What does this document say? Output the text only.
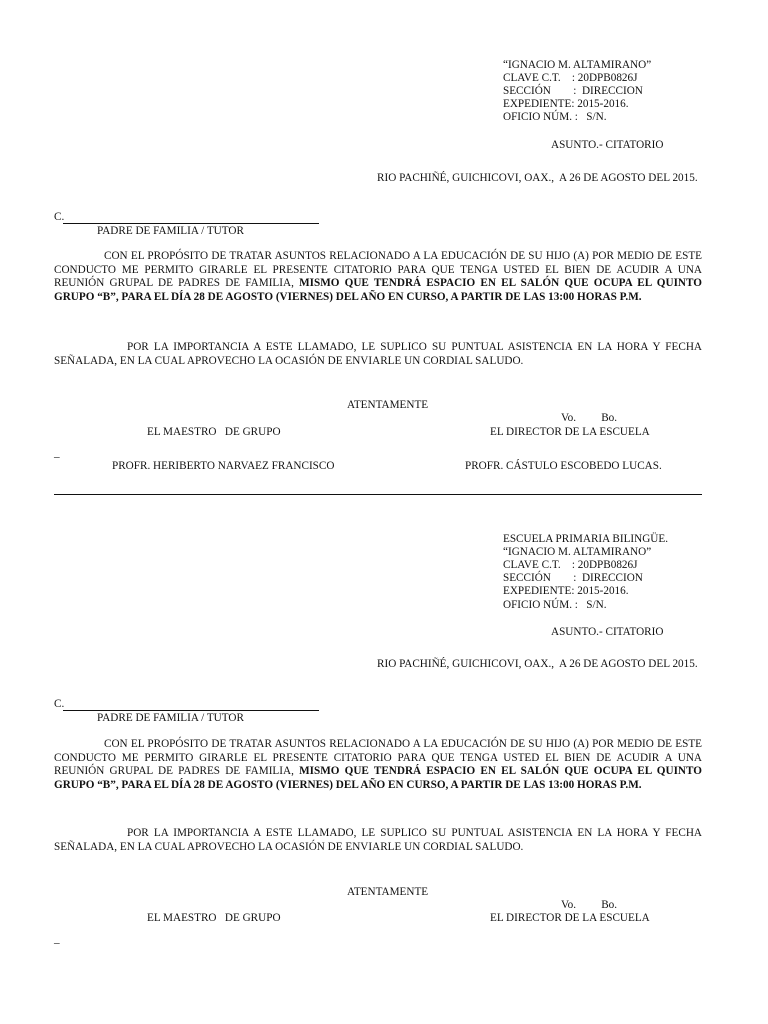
“IGNACIO M. ALTAMIRANO”
CLAVE C.T.    : 20DPB0826J
SECCIÓN        :  DIRECCION
EXPEDIENTE: 2015-2016.
OFICIO NÚM. :   S/N.
ASUNTO.- CITATORIO
RIO PACHIÑÉ, GUICHICOVI, OAX.,  A 26 DE AGOSTO DEL 2015.
C.
PADRE DE FAMILIA / TUTOR
CON EL PROPÓSITO DE TRATAR ASUNTOS RELACIONADO A LA EDUCACIÓN DE SU HIJO (A) POR MEDIO DE ESTE CONDUCTO ME PERMITO GIRARLE EL PRESENTE CITATORIO PARA QUE TENGA USTED EL BIEN DE ACUDIR A UNA REUNIÓN GRUPAL DE PADRES DE FAMILIA, MISMO QUE TENDRÁ ESPACIO EN EL SALÓN QUE OCUPA EL QUINTO GRUPO “B”, PARA EL DÍA 28 DE AGOSTO (VIERNES) DEL AÑO EN CURSO, A PARTIR DE LAS 13:00 HORAS P.M.
POR LA IMPORTANCIA A ESTE LLAMADO, LE SUPLICO SU PUNTUAL ASISTENCIA EN LA HORA Y FECHA SEÑALADA, EN LA CUAL APROVECHO LA OCASIÓN DE ENVIARLE UN CORDIAL SALUDO.
ATENTAMENTE
Vo.         Bo.
EL MAESTRO   DE GRUPO	EL DIRECTOR DE LA ESCUELA
_
PROFR. HERIBERTO NARVAEZ FRANCISCO	PROFR. CÁSTULO ESCOBEDO LUCAS.
ESCUELA PRIMARIA BILINGÜE.
“IGNACIO M. ALTAMIRANO”
CLAVE C.T.    : 20DPB0826J
SECCIÓN        :  DIRECCION
EXPEDIENTE: 2015-2016.
OFICIO NÚM. :   S/N.
ASUNTO.- CITATORIO
RIO PACHIÑÉ, GUICHICOVI, OAX.,  A 26 DE AGOSTO DEL 2015.
C.
PADRE DE FAMILIA / TUTOR
CON EL PROPÓSITO DE TRATAR ASUNTOS RELACIONADO A LA EDUCACIÓN DE SU HIJO (A) POR MEDIO DE ESTE CONDUCTO ME PERMITO GIRARLE EL PRESENTE CITATORIO PARA QUE TENGA USTED EL BIEN DE ACUDIR A UNA REUNIÓN GRUPAL DE PADRES DE FAMILIA, MISMO QUE TENDRÁ ESPACIO EN EL SALÓN QUE OCUPA EL QUINTO GRUPO “B”, PARA EL DÍA 28 DE AGOSTO (VIERNES) DEL AÑO EN CURSO, A PARTIR DE LAS 13:00 HORAS P.M.
POR LA IMPORTANCIA A ESTE LLAMADO, LE SUPLICO SU PUNTUAL ASISTENCIA EN LA HORA Y FECHA SEÑALADA, EN LA CUAL APROVECHO LA OCASIÓN DE ENVIARLE UN CORDIAL SALUDO.
ATENTAMENTE
Vo.         Bo.
EL MAESTRO   DE GRUPO	EL DIRECTOR DE LA ESCUELA
_
